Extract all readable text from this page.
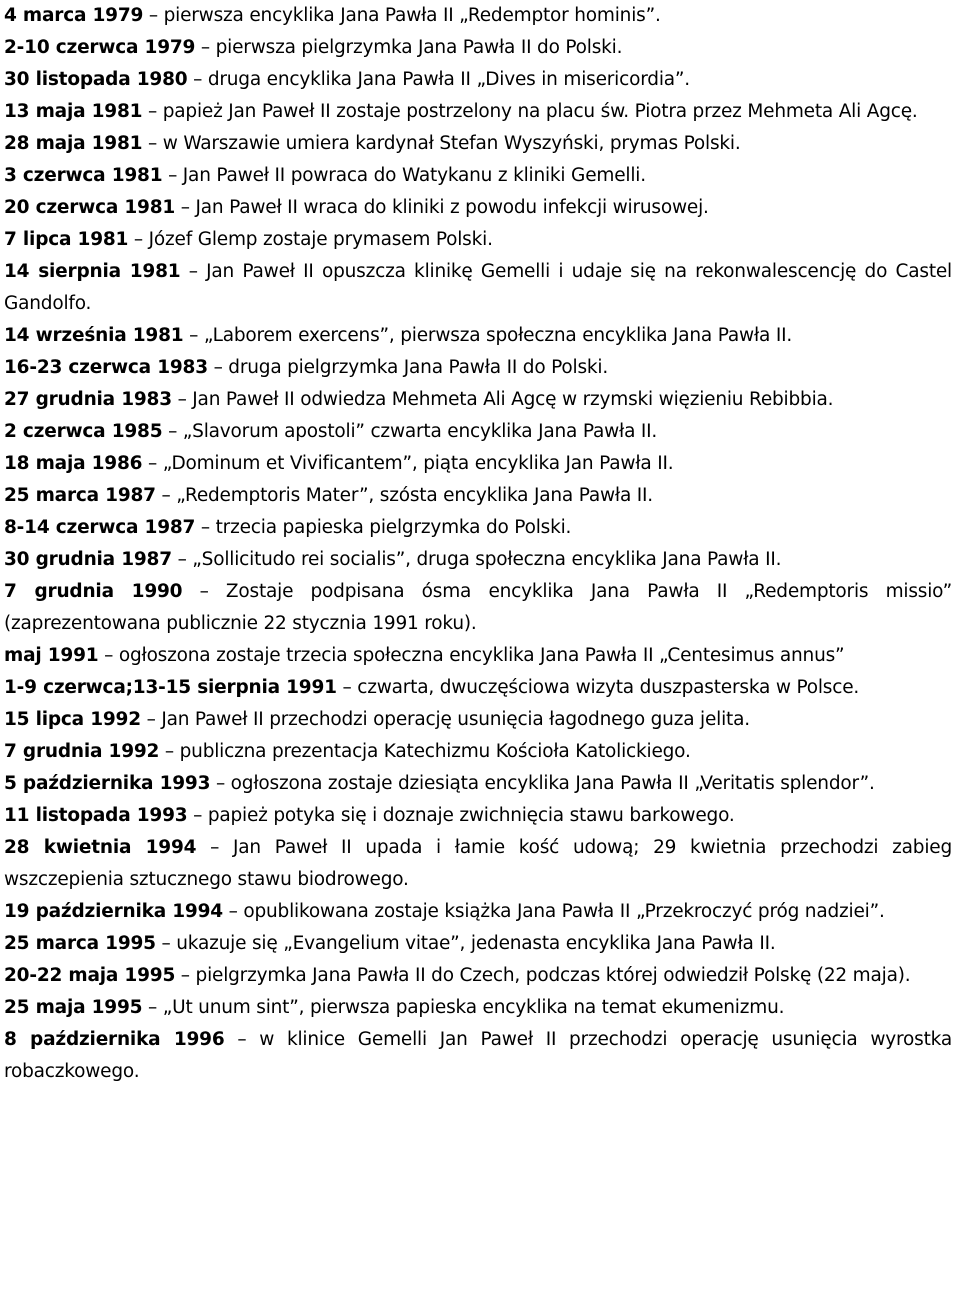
4 marca 1979 – pierwsza encyklika Jana Pawła II „Redemptor hominis”.

2-10 czerwca 1979 – pierwsza pielgrzymka Jana Pawła II do Polski.

30 listopada 1980 – druga encyklika Jana Pawła II „Dives in misericordia”.

13 maja 1981 – papież Jan Paweł II zostaje postrzelony na placu św. Piotra przez Mehmeta Ali Agcę.

28 maja 1981 – w Warszawie umiera kardynał Stefan Wyszyński, prymas Polski.

3 czerwca 1981 – Jan Paweł II powraca do Watykanu z kliniki Gemelli.

20 czerwca 1981 – Jan Paweł II wraca do kliniki z powodu infekcji wirusowej.

7 lipca 1981 – Józef Glemp zostaje prymasem Polski.

14 sierpnia 1981 – Jan Paweł II opuszcza klinikę Gemelli i udaje się na rekonwalescencję do Castel Gandolfo.

14 września 1981 – „Laborem exercens”, pierwsza społeczna encyklika Jana Pawła II.

16-23 czerwca 1983 – druga pielgrzymka Jana Pawła II do Polski.

27 grudnia 1983 – Jan Paweł II odwiedza Mehmeta Ali Agcę w rzymski więzieniu Rebibbia.

2 czerwca 1985 – „Slavorum apostoli” czwarta encyklika Jana Pawła II.

18 maja 1986 – „Dominum et Vivificantem”, piąta encyklika Jan Pawła II.

25 marca 1987 – „Redemptoris Mater”, szósta encyklika Jana Pawła II.

8-14 czerwca 1987 – trzecia papieska pielgrzymka do Polski.

30 grudnia 1987 – „Sollicitudo rei socialis”, druga społeczna encyklika Jana Pawła II.

7 grudnia 1990 – Zostaje podpisana ósma encyklika Jana Pawła II „Redemptoris missio” (zaprezentowana publicznie 22 stycznia 1991 roku).

maj 1991 – ogłoszona zostaje trzecia społeczna encyklika Jana Pawła II „Centesimus annus”

1-9 czerwca;13-15 sierpnia 1991 – czwarta, dwuczęściowa wizyta duszpasterska w Polsce.

15 lipca 1992 – Jan Paweł II przechodzi operację usunięcia łagodnego guza jelita.

7 grudnia 1992 – publiczna prezentacja Katechizmu Kościoła Katolickiego.

5 października 1993 – ogłoszona zostaje dziesiąta encyklika Jana Pawła II „Veritatis splendor”.

11 listopada 1993 – papież potyka się i doznaje zwichnięcia stawu barkowego.

28 kwietnia 1994 – Jan Paweł II upada i łamie kość udową; 29 kwietnia przechodzi zabieg wszczepienia sztucznego stawu biodrowego.

19 października 1994 – opublikowana zostaje książka Jana Pawła II „Przekroczyć próg nadziei”.

25 marca 1995 – ukazuje się „Evangelium vitae”, jedenasta encyklika Jana Pawła II.

20-22 maja 1995 – pielgrzymka Jana Pawła II do Czech, podczas której odwiedził Polskę (22 maja).

25 maja 1995 – „Ut unum sint”, pierwsza papieska encyklika na temat ekumenizmu.

8 października 1996 – w klinice Gemelli Jan Paweł II przechodzi operację usunięcia wyrostka robaczkowego.
